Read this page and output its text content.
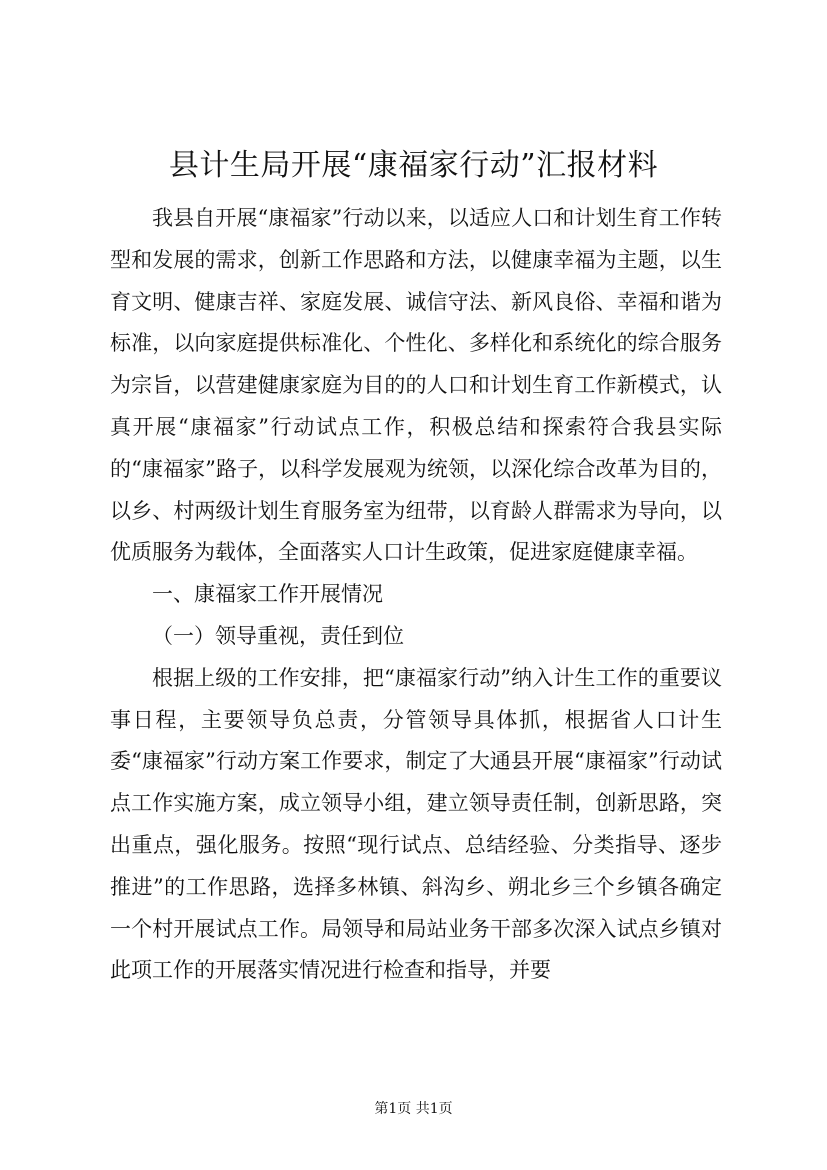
县计生局开展“康福家行动”汇报材料

我县自开展“康福家”行动以来，以适应人口和计划生育工作转型和发展的需求，创新工作思路和方法，以健康幸福为主题，以生育文明、健康吉祥、家庭发展、诚信守法、新风良俗、幸福和谐为标准，以向家庭提供标准化、个性化、多样化和系统化的综合服务为宗旨，以营建健康家庭为目的的人口和计划生育工作新模式，认真开展“康福家”行动试点工作，积极总结和探索符合我县实际的“康福家”路子，以科学发展观为统领，以深化综合改革为目的，以乡、村两级计划生育服务室为纽带，以育龄人群需求为导向，以优质服务为载体，全面落实人口计生政策，促进家庭健康幸福。

一、康福家工作开展情况

（一）领导重视，责任到位

根据上级的工作安排，把“康福家行动”纳入计生工作的重要议事日程，主要领导负总责，分管领导具体抓，根据省人口计生委“康福家”行动方案工作要求，制定了大通县开展“康福家”行动试点工作实施方案，成立领导小组，建立领导责任制，创新思路，突出重点，强化服务。按照“现行试点、总结经验、分类指导、逐步推进”的工作思路，选择多林镇、斜沟乡、朔北乡三个乡镇各确定一个村开展试点工作。局领导和局站业务干部多次深入试点乡镇对此项工作的开展落实情况进行检查和指导，并要

第1页 共1页
